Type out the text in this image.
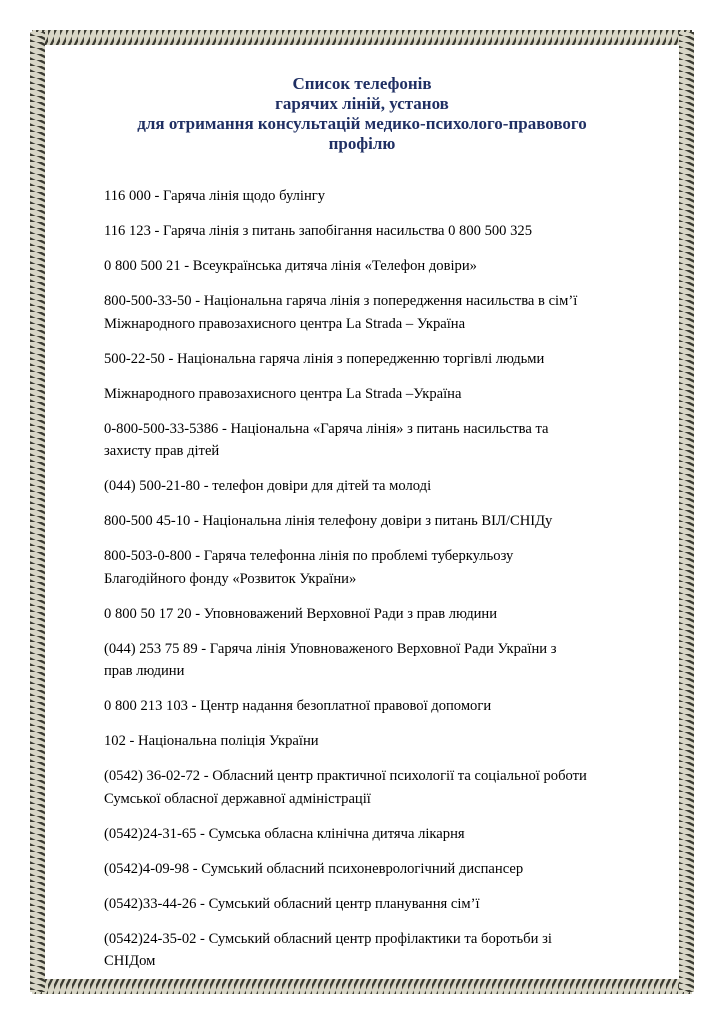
Список телефонів
гарячих ліній, установ
для отримання консультацій медико-психолого-правового
профілю
116 000 - Гаряча лінія щодо булінгу
116 123 - Гаряча лінія з питань запобігання насильства 0 800 500 325
0 800 500 21 - Всеукраїнська дитяча лінія «Телефон довіри»
800-500-33-50 - Національна гаряча лінія з попередження насильства в сім’ї
Міжнародного правозахисного центра La Strada – Україна
500-22-50 - Національна гаряча лінія з попередженню торгівлі людьми
Міжнародного правозахисного центра La Strada –Україна
0-800-500-33-5386 - Національна «Гаряча лінія» з питань насильства та
захисту прав дітей
(044) 500-21-80 - телефон довіри для дітей та молоді
800-500 45-10 - Національна лінія телефону довіри з питань ВІЛ/СНІДу
800-503-0-800 - Гаряча телефонна лінія по проблемі туберкульозу
Благодійного фонду «Розвиток України»
0 800 50 17 20 - Уповноважений Верховної Ради з прав людини
(044) 253 75 89 - Гаряча лінія Уповноваженого Верховної Ради України з
прав людини
0 800 213 103 - Центр надання безоплатної правової допомоги
102 - Національна поліція України
(0542) 36-02-72 - Обласний центр практичної психології та соціальної роботи
Сумської обласної державної адміністрації
(0542)24-31-65 - Сумська обласна клінічна дитяча лікарня
(0542)4-09-98 - Сумський обласний психоневрологічний диспансер
(0542)33-44-26 - Сумський обласний центр планування сім’ї
(0542)24-35-02 - Сумський обласний центр профілактики та боротьби зі
СНІДом
